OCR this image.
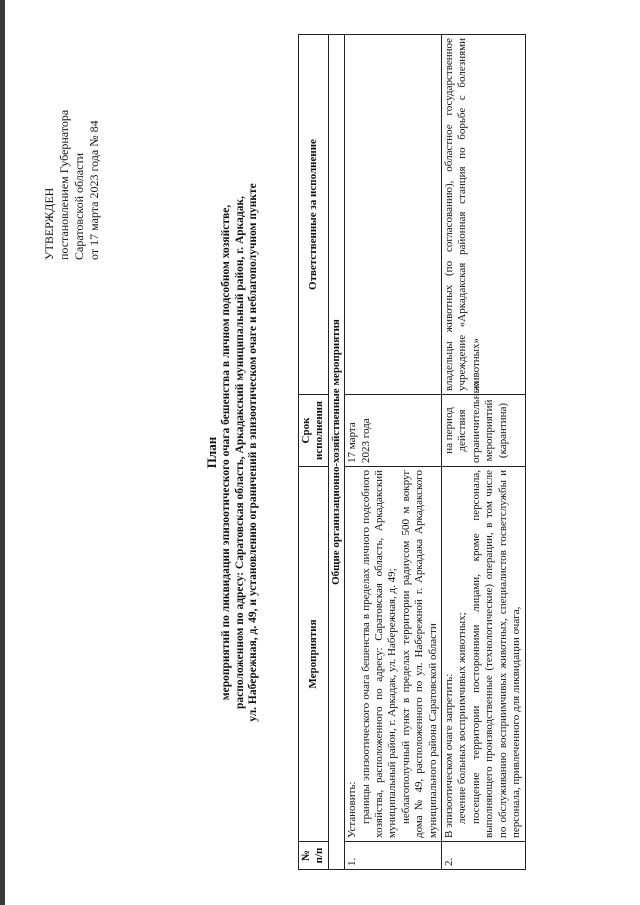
УТВЕРЖДЕН постановлением Губернатора Саратовской области от 17 марта 2023 года № 84
План мероприятий по ликвидации эпизоотического очага бешенства в личном подсобном хозяйстве, расположенном по адресу: Саратовская область, Аркадакский муниципальный район, г. Аркадак, ул. Набережная, д. 49, и установлению ограничений в эпизоотическом очаге и неблагополучном пункте
№ п/п	Мероприятия	Срок исполнения	Ответственные за исполнение
Общие организационно-хозяйственные мероприятия			
1.	Установить: границы эпизоотического очага бешенства в пределах личного подсобного хозяйства, расположенного по адресу: Саратовская область, Аркадакский муниципальный район, г. Аркадак, ул. Набережная, д. 49; неблагополучный пункт в пределах территории радиусом 500 м вокруг дома № 49, расположенного по ул. Набережной г. Аркадака Аркадакского муниципального района Саратовской области	17 марта 2023 года	
2.	В эпизоотическом очаге запретить: лечение больных восприимчивых животных; посещение территории посторонними лицами, кроме персонала, выполняющего производственные (технологические) операции, в том числе по обслуживанию восприимчивых животных, специалистов госветслужбы и персонала, привлеченного для ликвидации очага,	на период действия ограничительных мероприятий (карантина)	владельцы животных (по согласованию), областное государственное учреждение «Аркадакская районная станция по борьбе с болезнями животных»
